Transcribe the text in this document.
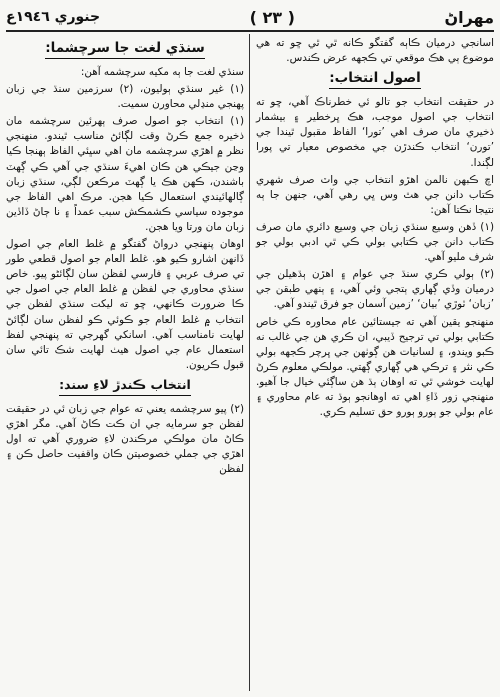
مهراڻ
( ٢٣ )
جنوري ١٩٤٦ع

اسانجي درميان ڪاٻه گفتگو ڪانه ٿي ٿي ڇو ته هي موضوع ٻي هڪ موقعي تي ڪجهه عرض ڪندس.

اصول انتخاب:

در حقيقت انتخاب جو تالو ئي خطرناڪ آهي، ڇو ته انتخاب جي اصول موجب، هڪ ڀرخطير ۽ بيشمار ذخيري مان صرف اهي ’تورا‘ الفاظ مقبول ٿيندا جي ’تورن‘ انتخاب ڪندڙن جي مخصوص معيار تي پورا لڳندا.

اچ ڪبهن نالمن اهڙو انتخاب جي واٽ صرف شهري ڪتاب دانن جي هٿ وس ڀي رهي آهي، جنهن جا ٻه نتيجا نڪتا آهن:

(١) ڏهن وسيع سنڌي زبان جي وسيع دائري مان صرف ڪتاب دانن جي ڪتابي بولي ڪي ٿي ادبي بولي جو شرف مليو آهي.

(٢) ٻولي ڪري سنڌ جي عوام ۽ اهڙن ٻڌهيلن جي درميان وڏي ڳهاري ٻتجي وئي آهي، ۽ ٻنهي طبقن جي ’زبان‘ ٽوڙي ’بيان‘ ’زمين آسمان جو فرق ٿيندو آهي.

منهنجو يقين آهي ته جيستائين عام محاوره ڪي خاص ڪتابي بولي تي ترجيح ڏيبي، ان ڪري هن جي غالب نه ڪبو ويندو، ۽ لسانيات هن ڳوٺهن جي ڀرچر ڪجهه بولي ڪي نثر ۽ ترڪي هي ڳهاري ڳهتي. مولڪي معلوم ڪرڻ لهايت خوشي ٿي ته اوهان ٻڌ هن ساڳئي خيال جا آهيو. منهنجي زور ڏاءِ اهي ته اوهانجو ٻوڌ ته عام محاوري ۽ عام بولي جو ٻورو ٻورو حق تسليم ڪري.

سنڌي لغت جا سرچشما:

سنڌي لغت جا ٻه مکيه سرچشمه آهن:

(١) غير سنڌي ٻوليون، (٢) سرزمين سنڌ جي زبان پهنجي منڍلي محاورن سميت.

(١) انتخاب جو اصول صرف ٻهرئين سرچشمه مان ذخيره جمع ڪرڻ وقت لڳائڻ مناسب ٿيندو. منهنجي نظر ۾ اهڙي سرچشمه مان اهي سڀئي الفاظ ٻهنجا ڪيا وڃن جيڪي هن ڪان اهيءَ سنڌي جي آهي ڪي ڳهٽ باشندن، ڪهن هڪ يا ڳهٽ مرڪعن لڳي، سنڌي زبان ڳالهائيندي استعمال ڪيا هجن. مرڪ اهي الفاظ جي موجوده سياسي ڪشمڪش سبب عمداً ۽ نا ڄاڻ ڏاڏين زبان مان ورتا ويا هجن.

اوهان پنهنجي درواڻ گفتگو ۾ غلط العام جي اصول ڏانهن اشارو ڪيو هو. غلط العام جو اصول قطعي طور تي صرف عربي ۽ فارسي لفظن سان لڳائڻو پيو. خاص سنڌي محاوري جي لفظن ۾ غلط العام جي اصول جي ڪا ضرورت ڪانهي، ڇو ته ليکت سنڌي لفظن جي انتخاب ۾ غلط العام جو ڪوئي ڪو لفظن سان لڳائڻ لهايت نامناسب آهي. اسانکي گهرجي ته پنهنجي لفظ استعمال عام جي اصول هيٺ لهايت شڪ تائي سان قبول ڪريون.

انتخاب ڪندڙ لاءِ سند:

(٢) پيو سرچشمه يعني ته عوام جي زبان ئي در حقيقت لفظن جو سرمايه جي ان ڪت ڪاڻ آهي. مگر اهڙي ڪاڻ مان مولڪي مرڪندن لاءِ ضروري آهي ته اول اهڙي جي جملي خصوصيتن ڪان واقفيت حاصل ڪن ۽ لفظن
